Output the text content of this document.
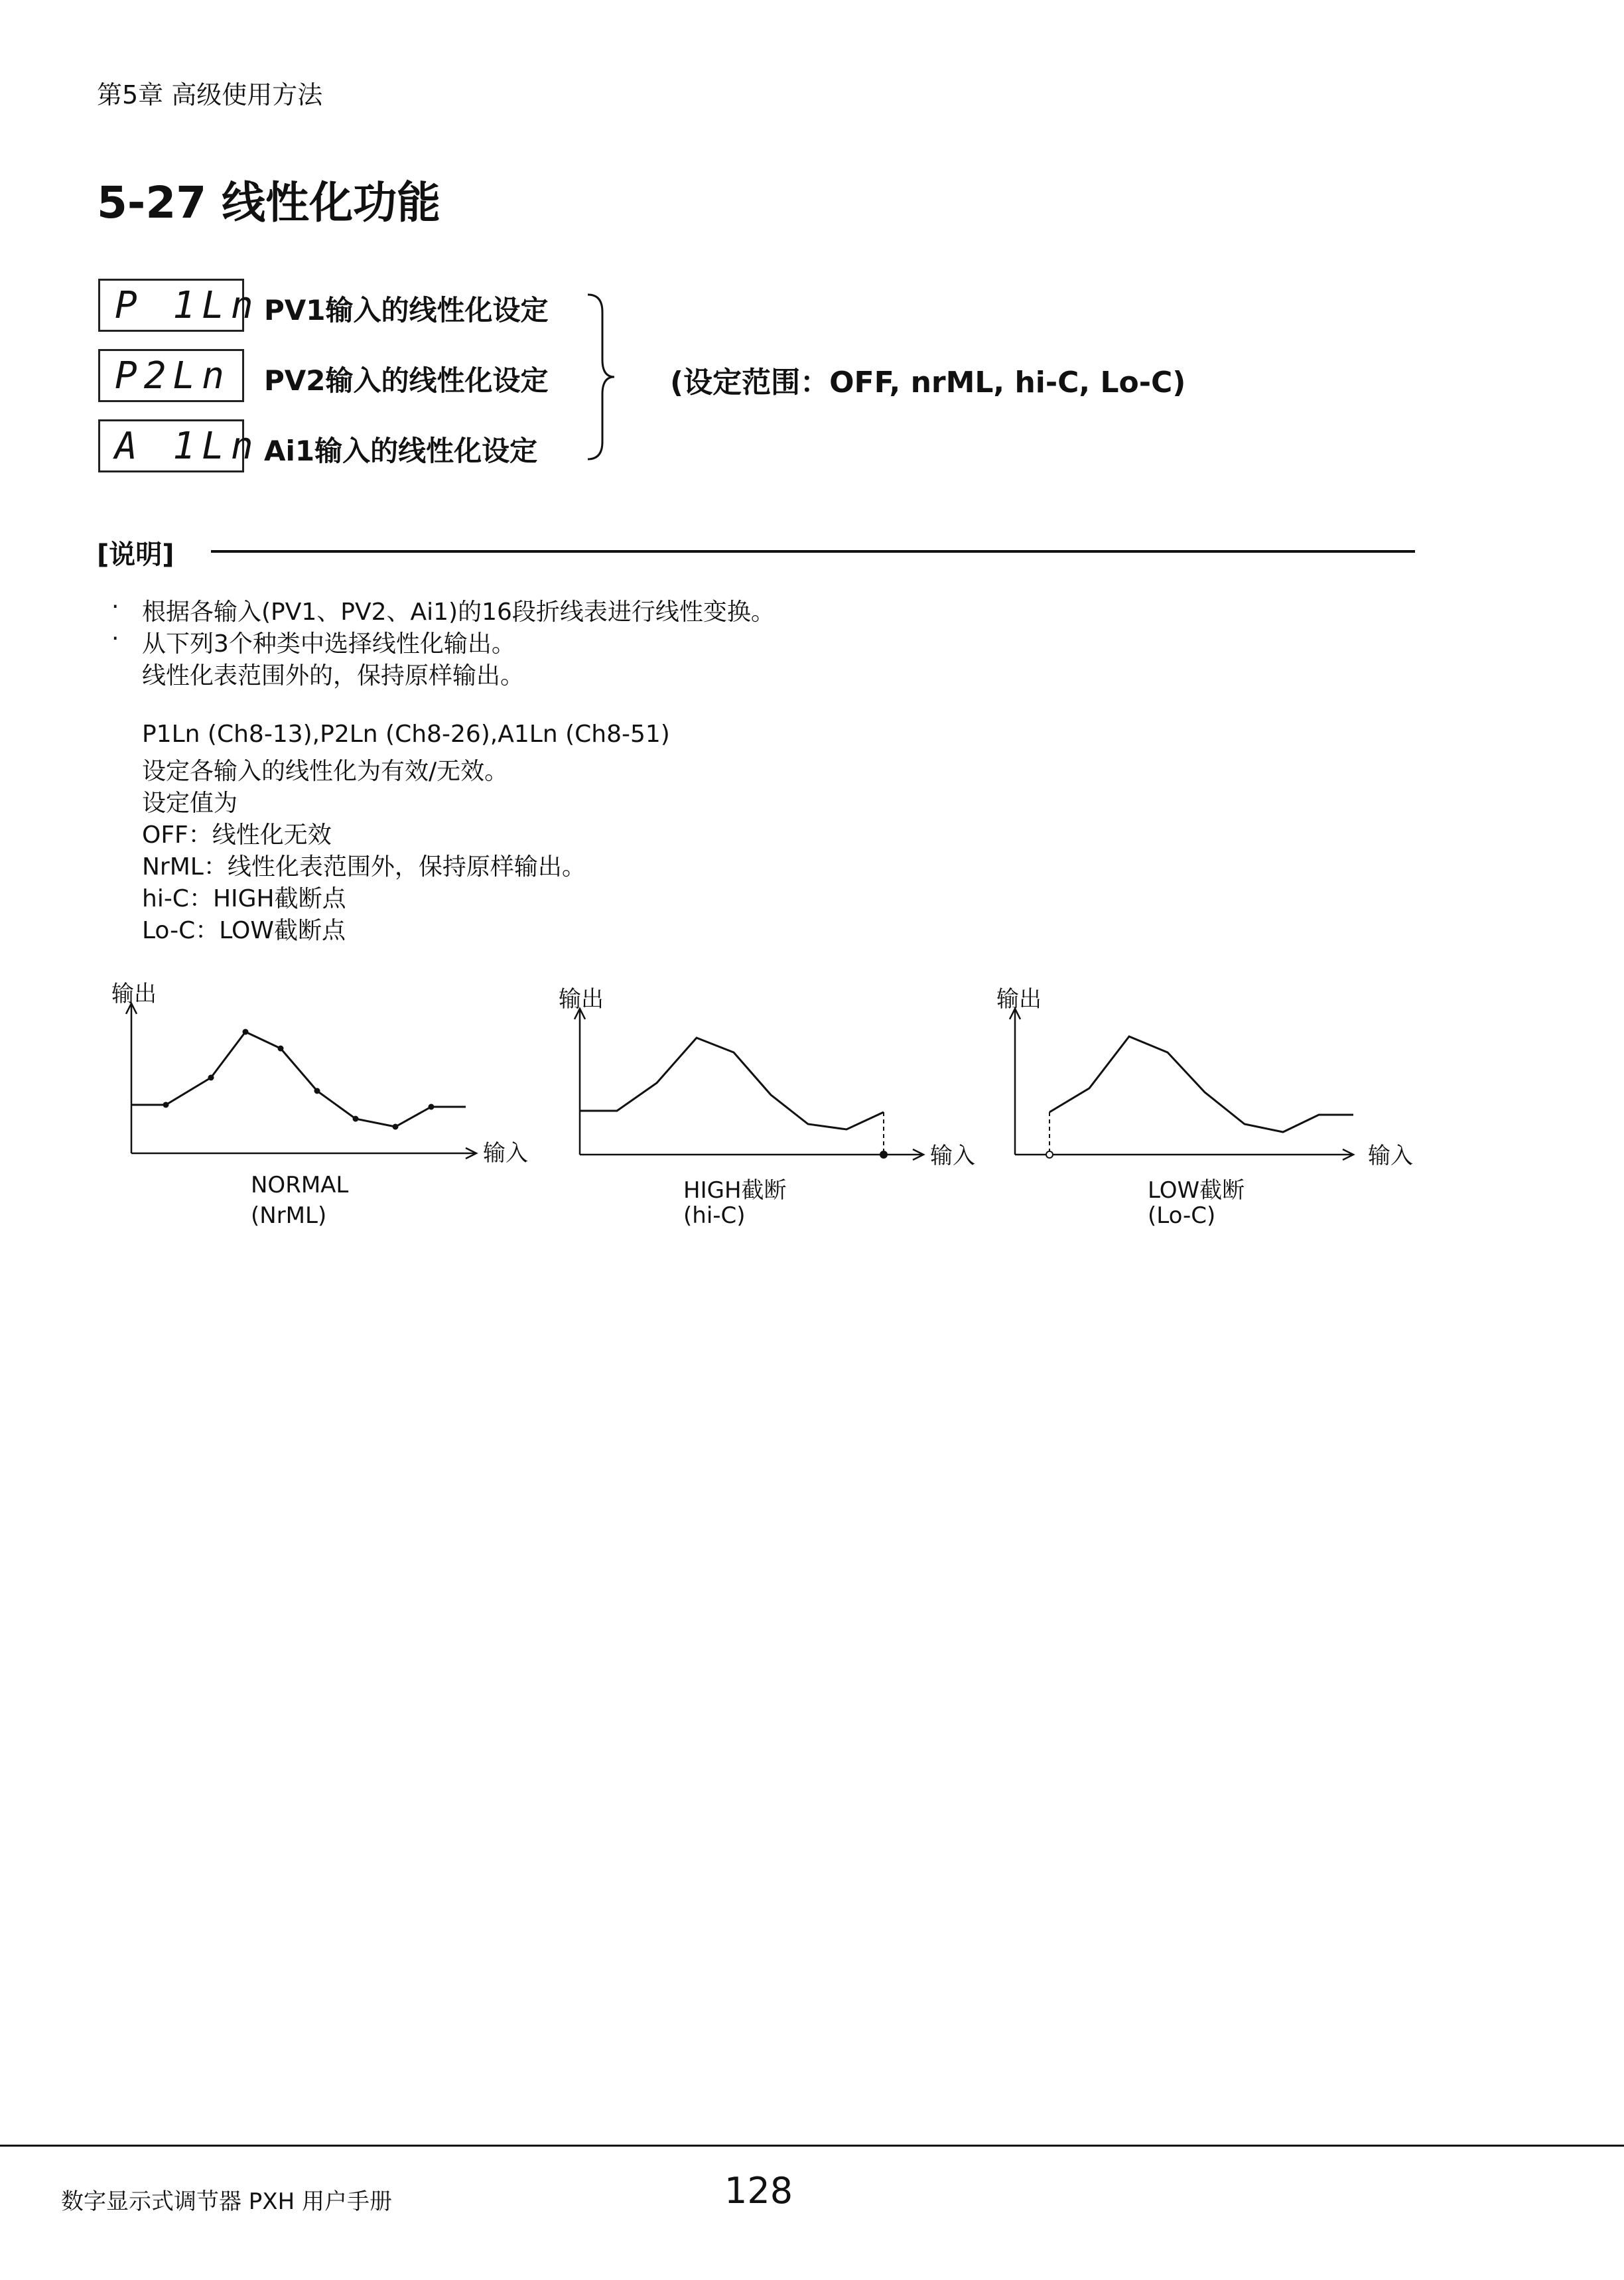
第5章 高级使用方法
5-27 线性化功能
P 1Ln PV1输入的线性化设定
P2Ln	PV2输入的线性化设定
A 1Ln Ai1输入的线性化设定
(设定范围：OFF, nrML, hi-C, Lo-C)
[说明]
· 根据各输入(PV1、PV2、Ai1)的16段折线表进行线性变换。
· 从下列3个种类中选择线性化输出。
线性化表范围外的，保持原样输出。
P1Ln (Ch8-13),P2Ln (Ch8-26),A1Ln (Ch8-51)
设定各输入的线性化为有效/无效。
设定值为
OFF：线性化无效
NrML：线性化表范围外，保持原样输出。
hi-C：HIGH截断点
Lo-C：LOW截断点
输出
输入
NORMAL
(NrML)
输出
输入
HIGH截断
(hi-C)
输出
输入
LOW截断
(Lo-C)
数字显示式调节器 PXH 用户手册	128
